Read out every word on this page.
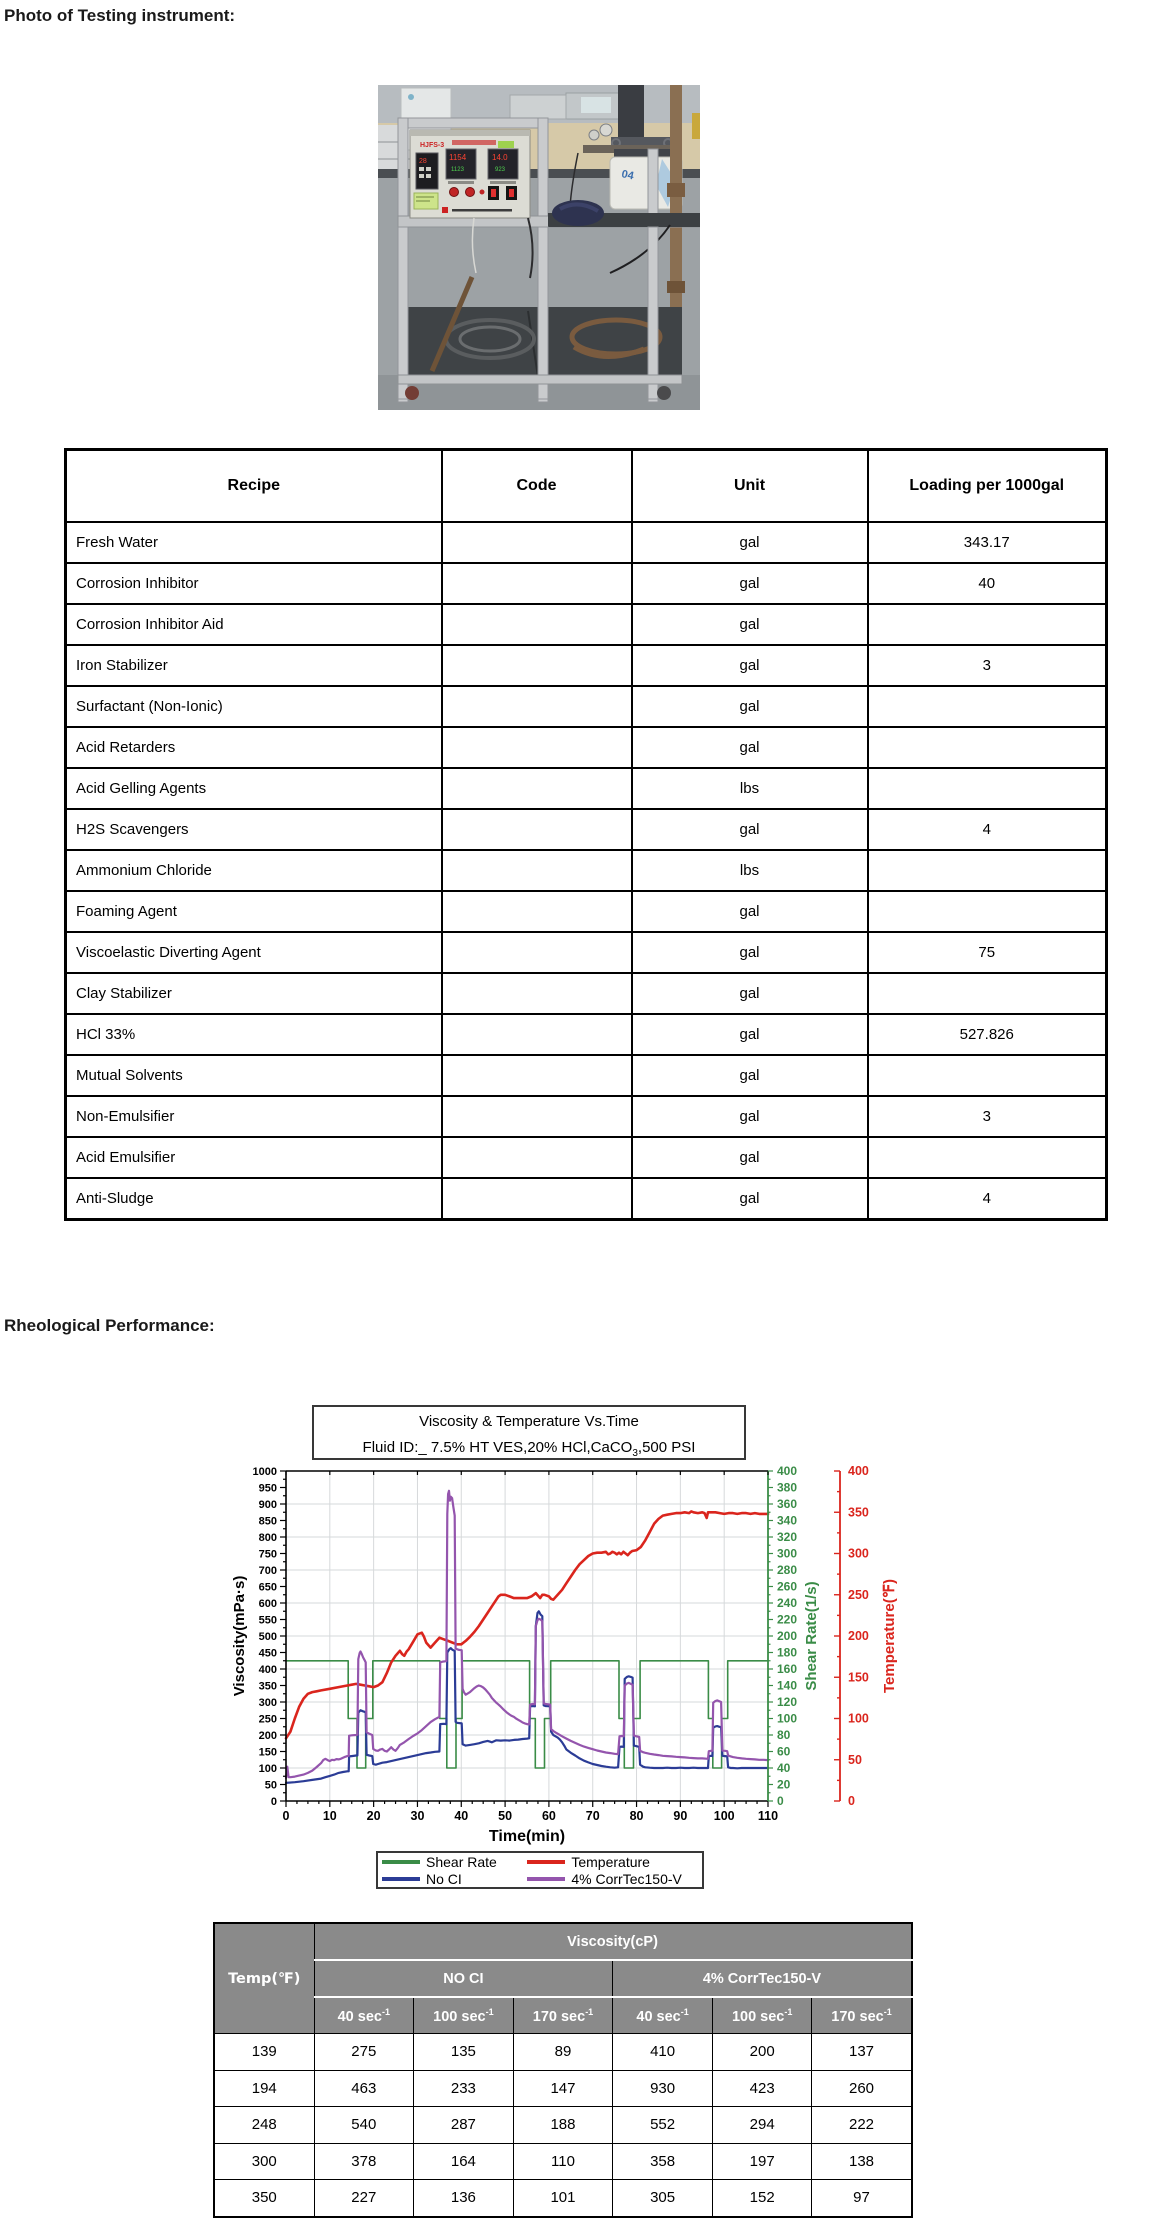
Photo of Testing instrument:
04
HJFS-3
28	1154
1123
14.0
923
Recipe	Code	Unit	Loading per 1000gal
Fresh Water		gal	343.17
Corrosion Inhibitor		gal	40
Corrosion Inhibitor Aid		gal	
Iron Stabilizer		gal	3
Surfactant (Non-Ionic)		gal	
Acid Retarders		gal	
Acid Gelling Agents		lbs	
H2S Scavengers		gal	4
Ammonium Chloride		lbs	
Foaming Agent		gal	
Viscoelastic Diverting Agent		gal	75
Clay Stabilizer		gal	
HCl 33%		gal	527.826
Mutual Solvents		gal	
Non-Emulsifier		gal	3
Acid Emulsifier		gal	
Anti-Sludge		gal	4
Rheological Performance:
0
50
100
150
200
250
300
350
400
450
500
550
600
650
700
750
800
850
900
950
1000
0	10 20 30 40 50 60 70 80 90 100 110
0
20
40
60
80
100
120
140
160
180
200
220
240
260
280
300
320
340
360
380
400
0
50
100
150
200
250
300
350
400
Viscosity(mPa·s)
Time(min)
Shear Rate(1/s)	Temperature(℉)
Viscosity & Temperature Vs.Time
Fluid ID:_ 7.5% HT VES,20% HCl,CaCO$_3$,500 PSI
Shear Rate	Temperature
No CI	4% CorrTec150-V
Temp(℉)	Viscosity(cP)					
	NO CI			4% CorrTec150-V		
	40 $\sec^{-1}$	100 $\sec^{-1}$	170 $\sec^{-1}$	40 $\sec^{-1}$	100 $\sec^{-1}$	170 $\sec^{-1}$
139	275	135	89	410	200	137
194	463	233	147	930	423	260
248	540	287	188	552	294	222
300	378	164	110	358	197	138
350	227	136	101	305	152	97
